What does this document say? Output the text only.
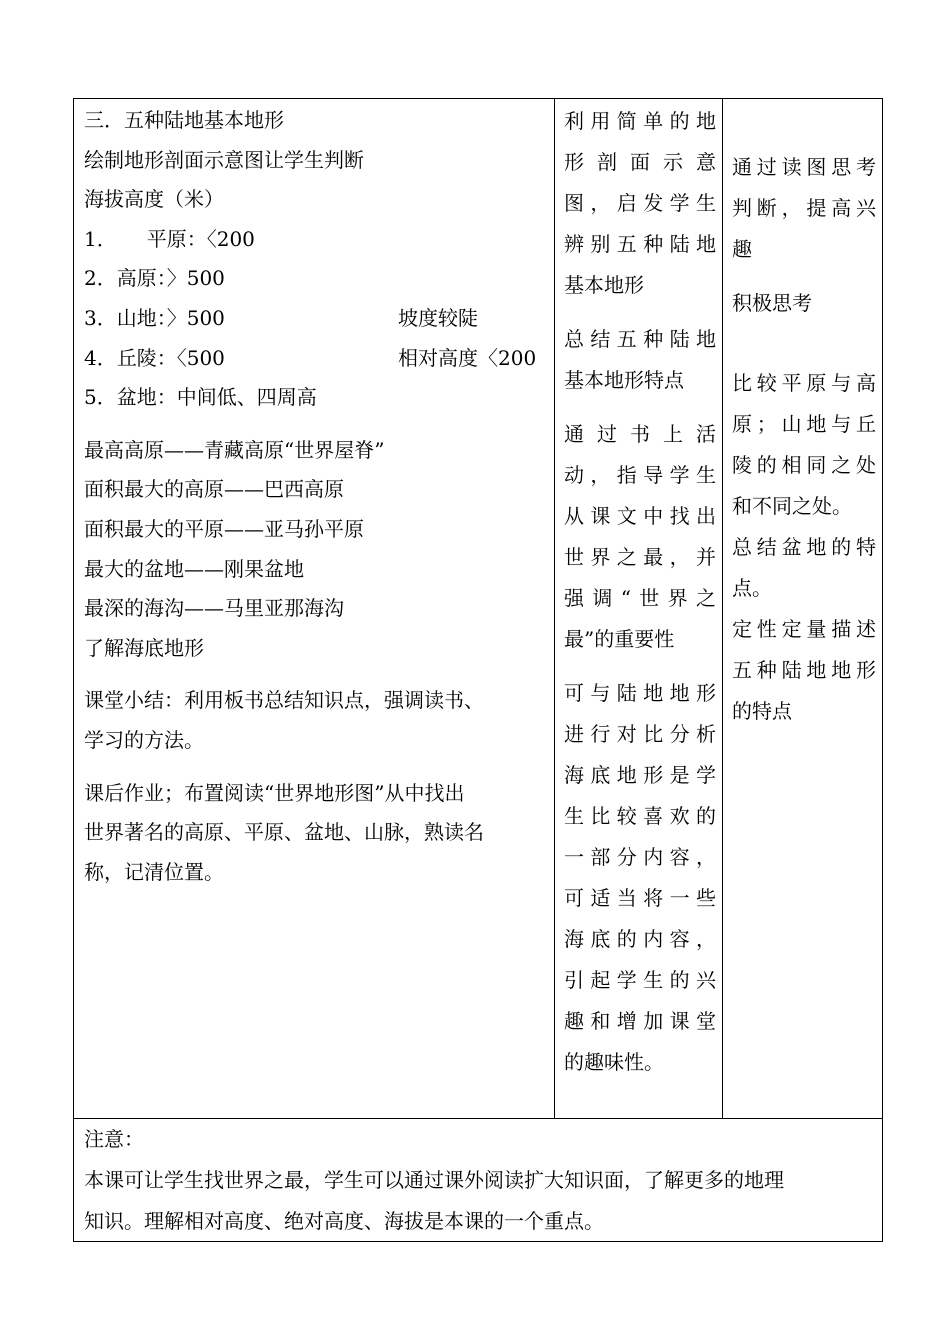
三．五种陆地基本地形
绘制地形剖面示意图让学生判断
海拔高度（米）
1．　　平原：〈200
2．高原：〉500
3．山地：〉500	坡度较陡
4．丘陵：〈500	相对高度〈200
5．盆地：中间低、四周高
最高高原——青藏高原“世界屋脊”
面积最大的高原——巴西高原
面积最大的平原——亚马孙平原
最大的盆地——刚果盆地
最深的海沟——马里亚那海沟
了解海底地形
课堂小结：利用板书总结知识点，强调读书、
学习的方法。
课后作业；布置阅读“世界地形图”从中找出
世界著名的高原、平原、盆地、山脉，熟读名
称，记清位置。
利用简单的地
形剖面示意
图，启发学生
辨别五种陆地
基本地形
总结五种陆地
基本地形特点
通过书上活
动，指导学生
从课文中找出
世界之最，并
强调“世界之
最”的重要性
可与陆地地形
进行对比分析
海底地形是学
生比较喜欢的
一部分内容，
可适当将一些
海底的内容，
引起学生的兴
趣和增加课堂
的趣味性。
通过读图思考
判断，提高兴
趣
积极思考
比较平原与高
原；山地与丘
陵的相同之处
和不同之处。
总结盆地的特
点。
定性定量描述
五种陆地地形
的特点
注意：
本课可让学生找世界之最，学生可以通过课外阅读扩大知识面，了解更多的地理
知识。理解相对高度、绝对高度、海拔是本课的一个重点。
